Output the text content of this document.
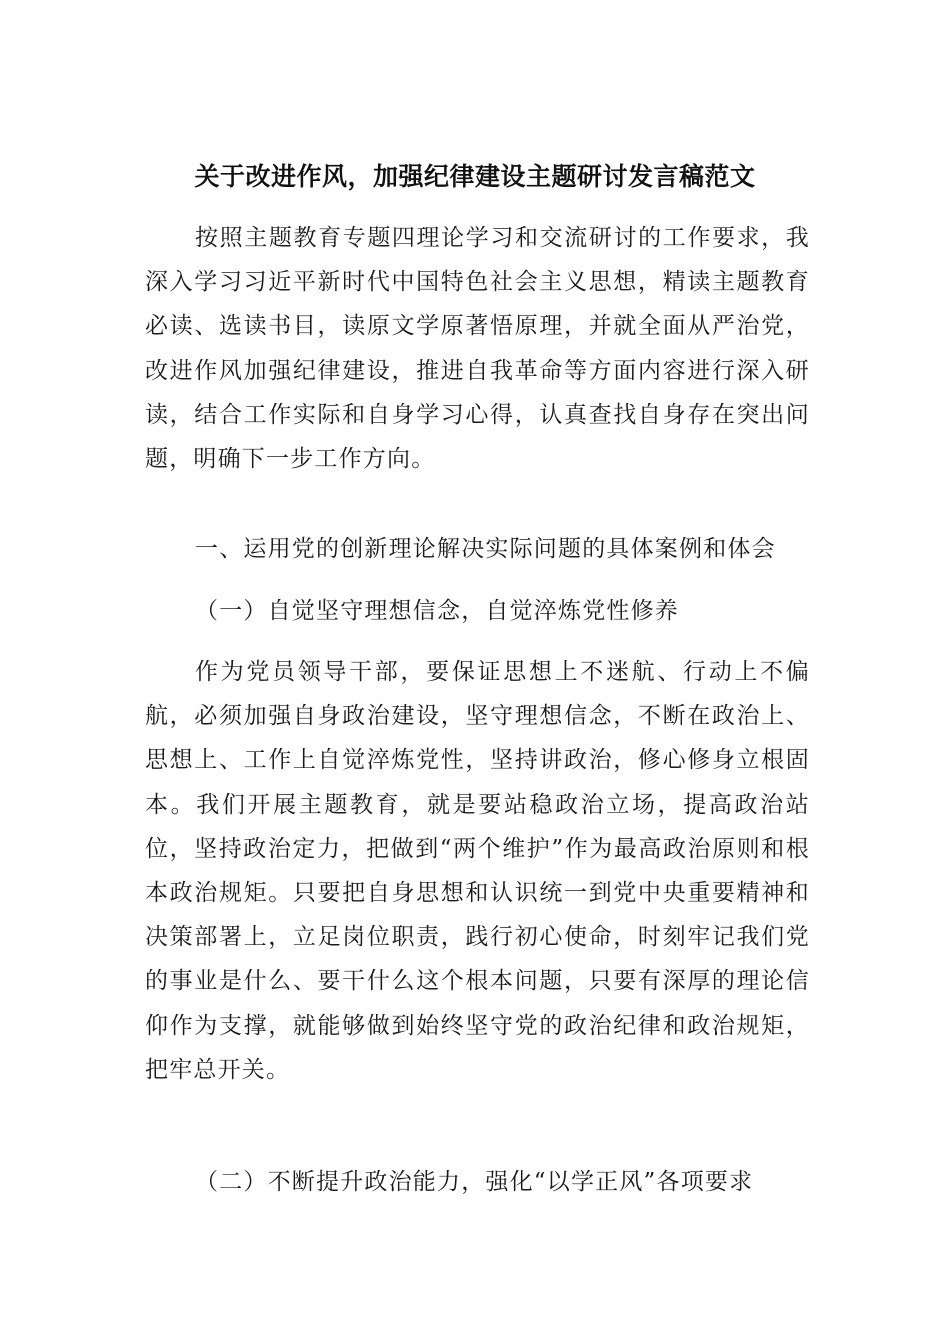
关于改进作风，加强纪律建设主题研讨发言稿范文

按照主题教育专题四理论学习和交流研讨的工作要求，我深入学习习近平新时代中国特色社会主义思想，精读主题教育必读、选读书目，读原文学原著悟原理，并就全面从严治党，改进作风加强纪律建设，推进自我革命等方面内容进行深入研读，结合工作实际和自身学习心得，认真查找自身存在突出问题，明确下一步工作方向。

一、运用党的创新理论解决实际问题的具体案例和体会

（一）自觉坚守理想信念，自觉淬炼党性修养

作为党员领导干部，要保证思想上不迷航、行动上不偏航，必须加强自身政治建设，坚守理想信念，不断在政治上、思想上、工作上自觉淬炼党性，坚持讲政治，修心修身立根固本。我们开展主题教育，就是要站稳政治立场，提高政治站位，坚持政治定力，把做到“两个维护”作为最高政治原则和根本政治规矩。只要把自身思想和认识统一到党中央重要精神和决策部署上，立足岗位职责，践行初心使命，时刻牢记我们党的事业是什么、要干什么这个根本问题，只要有深厚的理论信仰作为支撑，就能够做到始终坚守党的政治纪律和政治规矩，把牢总开关。

（二）不断提升政治能力，强化“以学正风”各项要求
